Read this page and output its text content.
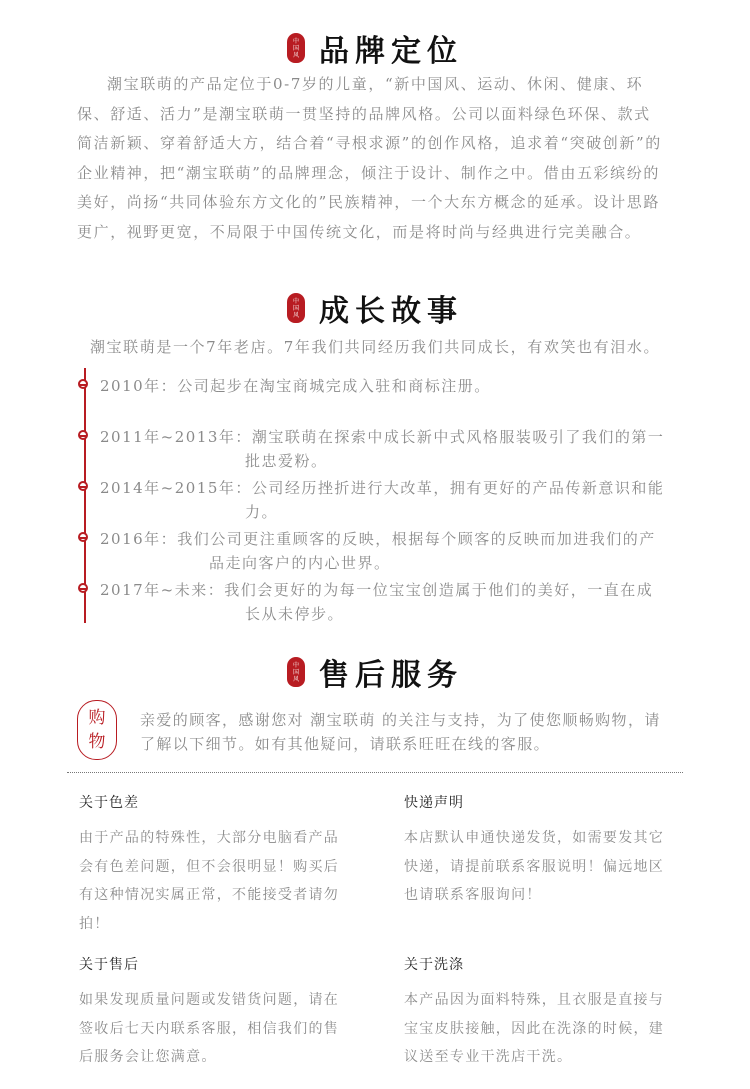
中
国
风 品牌定位

潮宝联萌的产品定位于0-7岁的儿童，“新中国风、运动、休闲、健康、环保、舒适、活力”是潮宝联萌一贯坚持的品牌风格。公司以面料绿色环保、款式简洁新颖、穿着舒适大方，结合着“寻根求源”的创作风格，追求着“突破创新”的企业精神，把“潮宝联萌”的品牌理念，倾注于设计、制作之中。借由五彩缤纷的美好，尚扬“共同体验东方文化的”民族精神，一个大东方概念的延承。设计思路更广，视野更宽，不局限于中国传统文化，而是将时尚与经典进行完美融合。

中
国
风 成长故事
潮宝联萌是一个7年老店。7年我们共同经历我们共同成长，有欢笑也有泪水。
2010年：公司起步在淘宝商城完成入驻和商标注册。
2011年~2013年：潮宝联萌在探索中成长新中式风格服装吸引了我们的第一
批忠爱粉。
2014年~2015年：公司经历挫折进行大改革，拥有更好的产品传新意识和能
力。
2016年：我们公司更注重顾客的反映，根据每个顾客的反映而加进我们的产
品走向客户的内心世界。
2017年~未来：我们会更好的为每一位宝宝创造属于他们的美好，一直在成
长从未停步。
中
国
风 售后服务
购
物
亲爱的顾客，感谢您对 潮宝联萌 的关注与支持，为了使您顺畅购物，请了解以下细节。如有其他疑问，请联系旺旺在线的客服。

关于色差

由于产品的特殊性，大部分电脑看产品会有色差问题，但不会很明显！购买后有这种情况实属正常，不能接受者请勿拍！

快递声明

本店默认申通快递发货，如需要发其它快递，请提前联系客服说明！偏远地区也请联系客服询问！

关于售后

如果发现质量问题或发错货问题，请在签收后七天内联系客服，相信我们的售后服务会让您满意。

关于洗涤

本产品因为面料特殊，且衣服是直接与宝宝皮肤接触，因此在洗涤的时候，建议送至专业干洗店干洗。
